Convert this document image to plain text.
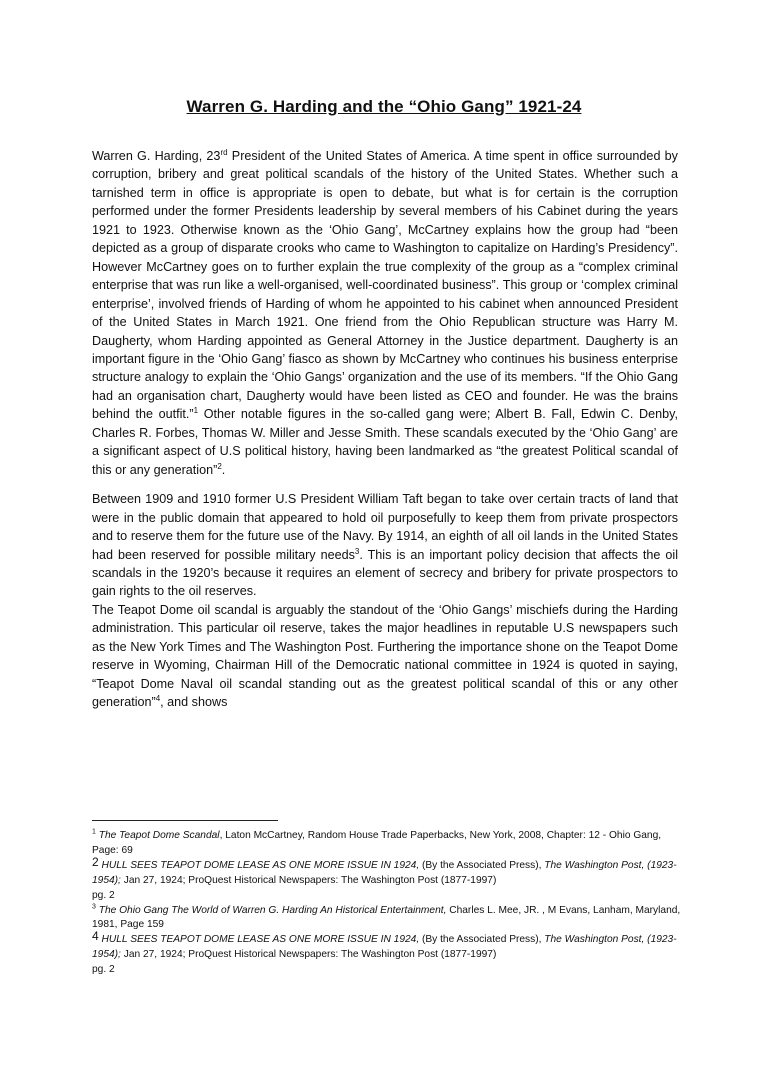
Warren G. Harding and the “Ohio Gang” 1921-24

Warren G. Harding, 23rd President of the United States of America. A time spent in office surrounded by corruption, bribery and great political scandals of the history of the United States. Whether such a tarnished term in office is appropriate is open to debate, but what is for certain is the corruption performed under the former Presidents leadership by several members of his Cabinet during the years 1921 to 1923. Otherwise known as the ‘Ohio Gang’, McCartney explains how the group had “been depicted as a group of disparate crooks who came to Washington to capitalize on Harding’s Presidency”. However McCartney goes on to further explain the true complexity of the group as a “complex criminal enterprise that was run like a well-organised, well-coordinated business”. This group or ‘complex criminal enterprise’, involved friends of Harding of whom he appointed to his cabinet when announced President of the United States in March 1921. One friend from the Ohio Republican structure was Harry M. Daugherty, whom Harding appointed as General Attorney in the Justice department. Daugherty is an important figure in the ‘Ohio Gang’ fiasco as shown by McCartney who continues his business enterprise structure analogy to explain the ‘Ohio Gangs’ organization and the use of its members. “If the Ohio Gang had an organisation chart, Daugherty would have been listed as CEO and founder. He was the brains behind the outfit.”$^1$ Other notable figures in the so-called gang were; Albert B. Fall, Edwin C. Denby, Charles R. Forbes, Thomas W. Miller and Jesse Smith. These scandals executed by the ‘Ohio Gang’ are a significant aspect of U.S political history, having been landmarked as “the greatest Political scandal of this or any generation”$^2$.

Between 1909 and 1910 former U.S President William Taft began to take over certain tracts of land that were in the public domain that appeared to hold oil purposefully to keep them from private prospectors and to reserve them for the future use of the Navy. By 1914, an eighth of all oil lands in the United States had been reserved for possible military needs$^3$. This is an important policy decision that affects the oil scandals in the 1920’s because it requires an element of secrecy and bribery for private prospectors to gain rights to the oil reserves.

The Teapot Dome oil scandal is arguably the standout of the ‘Ohio Gangs’ mischiefs during the Harding administration. This particular oil reserve, takes the major headlines in reputable U.S newspapers such as the New York Times and The Washington Post. Furthering the importance shone on the Teapot Dome reserve in Wyoming, Chairman Hill of the Democratic national committee in 1924 is quoted in saying, “Teapot Dome Naval oil scandal standing out as the greatest political scandal of this or any other generation”$^4$, and shows

$^1$ The Teapot Dome Scandal, Laton McCartney, Random House Trade Paperbacks, New York, 2008, Chapter: 12 - Ohio Gang, Page: 69

2 HULL SEES TEAPOT DOME LEASE AS ONE MORE ISSUE IN 1924, (By the Associated Press), The Washington Post, (1923-1954); Jan 27, 1924; ProQuest Historical Newspapers: The Washington Post (1877-1997)

pg. 2

$^3$ The Ohio Gang The World of Warren G. Harding An Historical Entertainment, Charles L. Mee, JR. , M Evans, Lanham, Maryland, 1981, Page 159

4 HULL SEES TEAPOT DOME LEASE AS ONE MORE ISSUE IN 1924, (By the Associated Press), The Washington Post, (1923-1954); Jan 27, 1924; ProQuest Historical Newspapers: The Washington Post (1877-1997)

pg. 2
